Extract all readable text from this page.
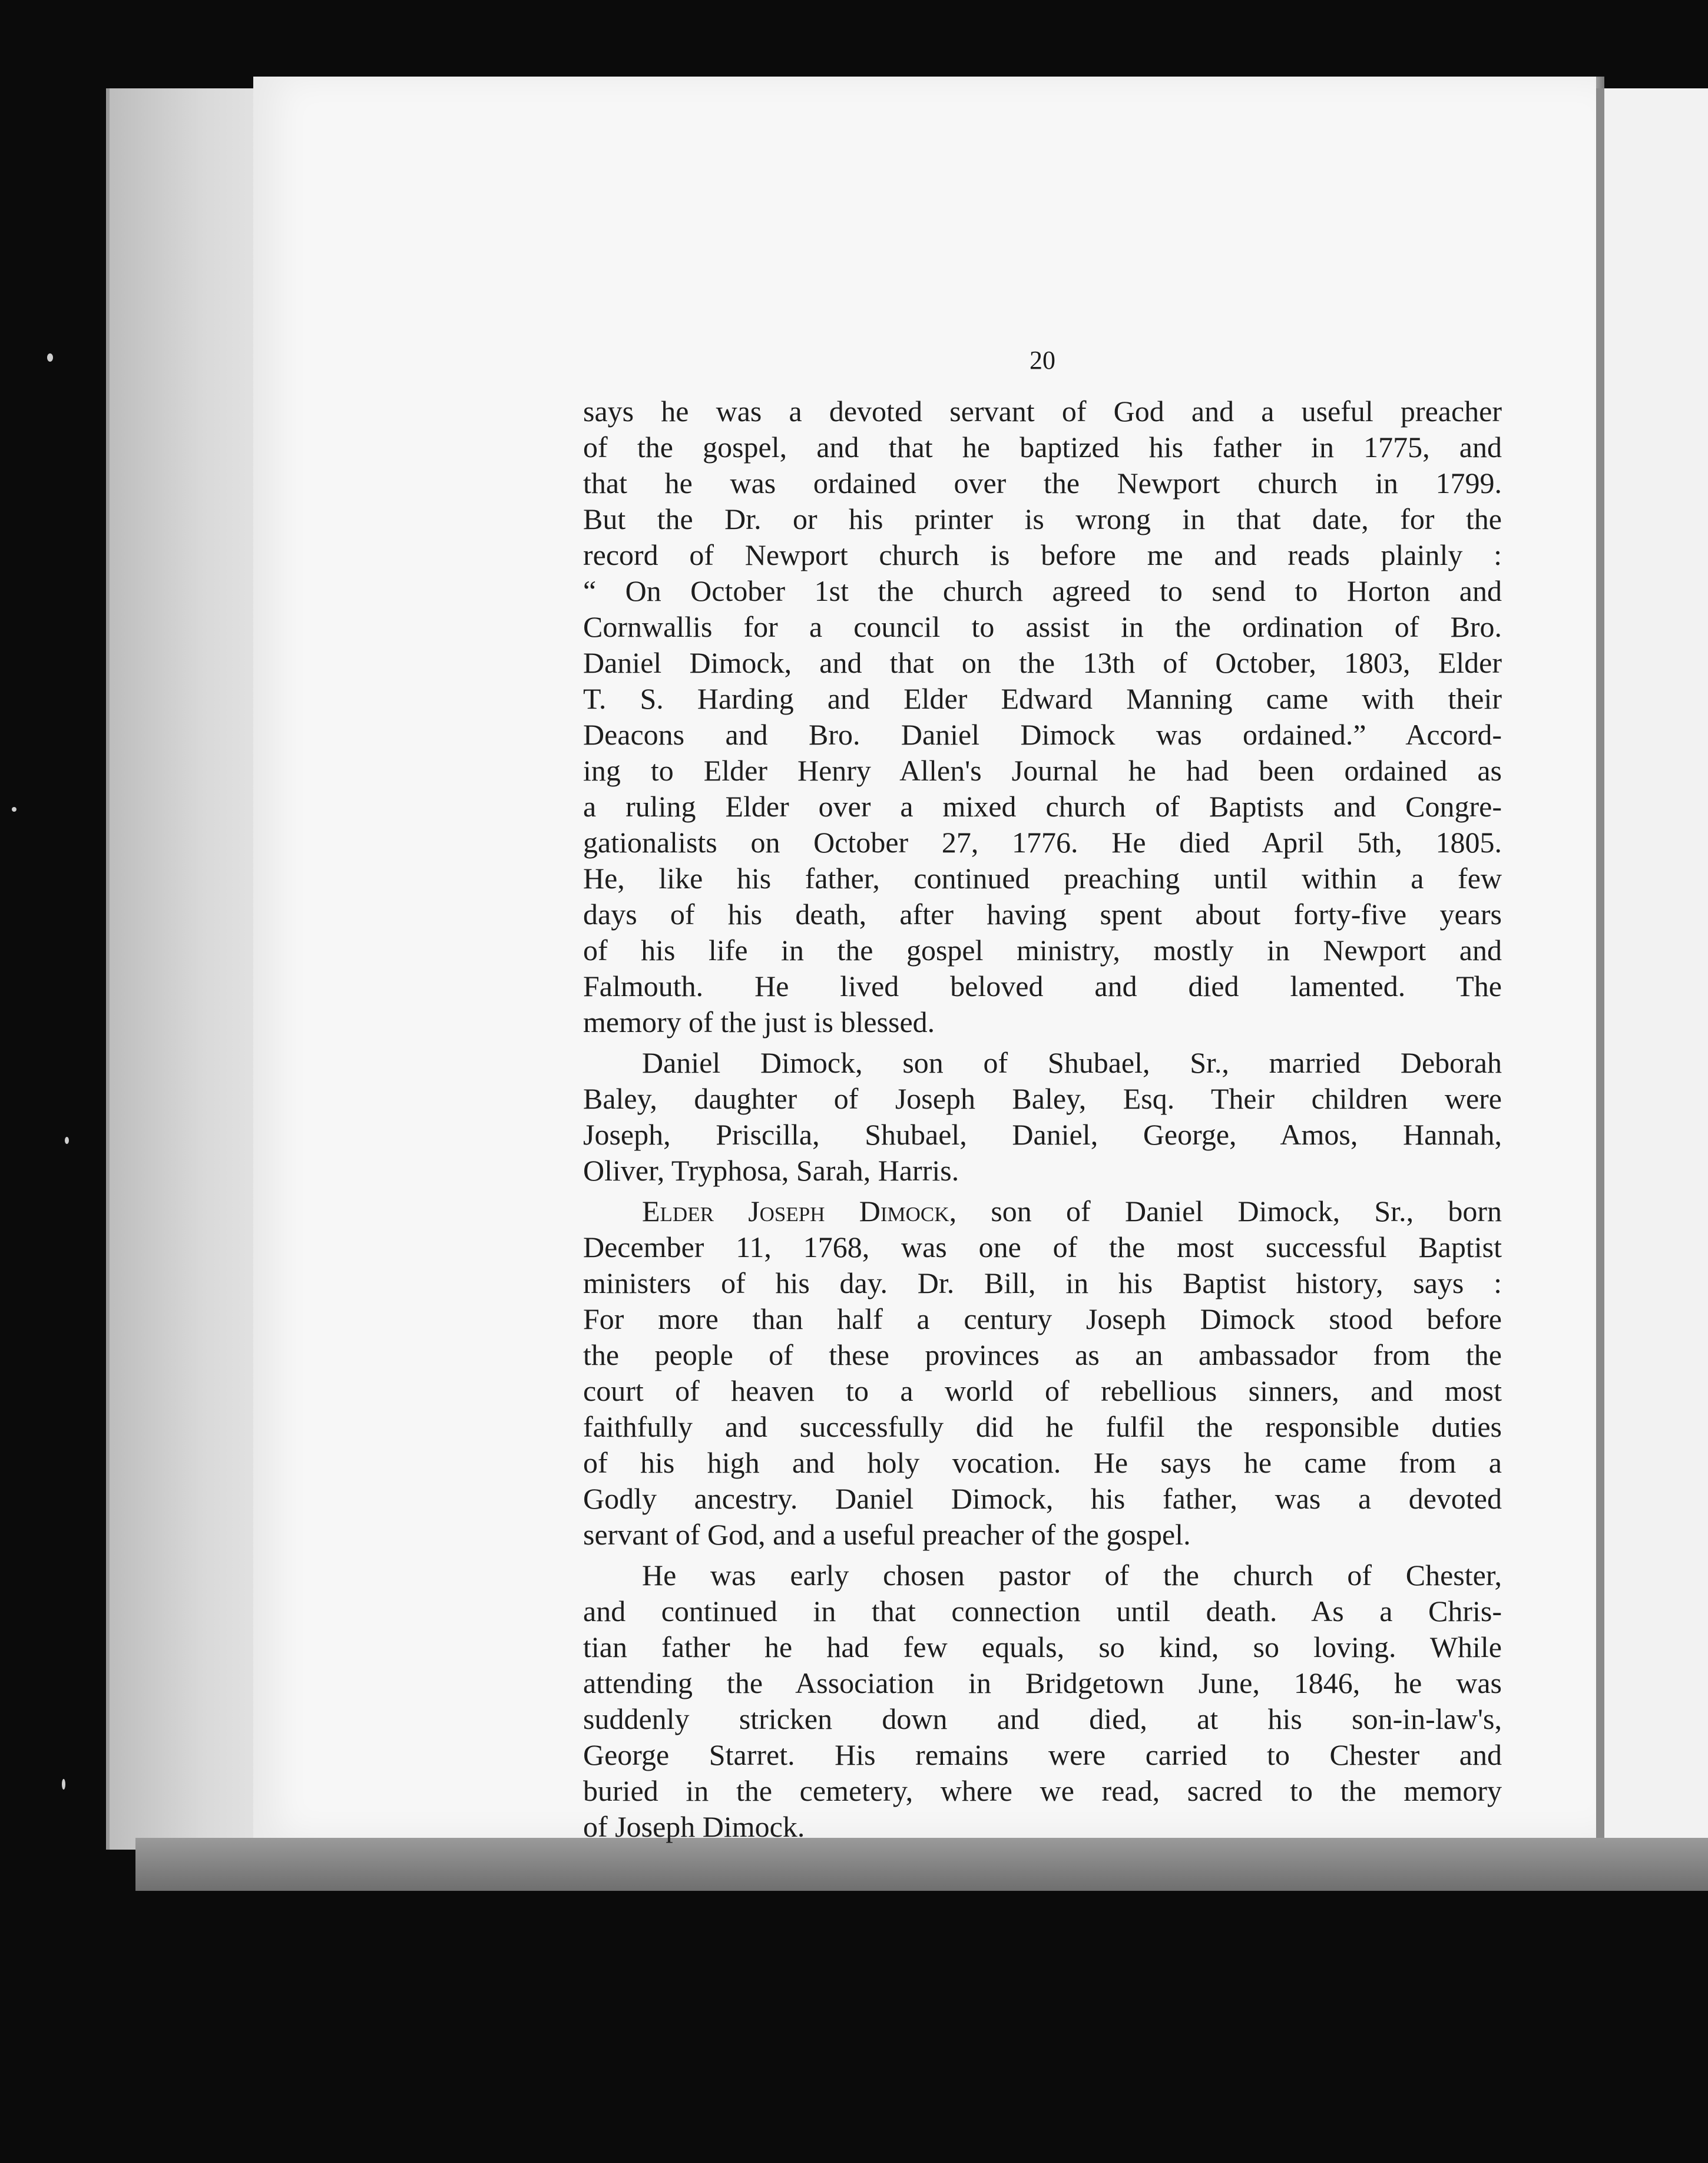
20
says he was a devoted servant of God and a useful preacher
of the gospel, and that he baptized his father in 1775, and
that he was ordained over the Newport church in 1799.
But the Dr. or his printer is wrong in that date, for the
record of Newport church is before me and reads plainly :
“ On October 1st the church agreed to send to Horton and
Cornwallis for a council to assist in the ordination of Bro.
Daniel Dimock, and that on the 13th of October, 1803, Elder
T. S. Harding and Elder Edward Manning came with their
Deacons and Bro. Daniel Dimock was ordained.” Accord-
ing to Elder Henry Allen's Journal he had been ordained as
a ruling Elder over a mixed church of Baptists and Congre-
gationalists on October 27, 1776. He died April 5th, 1805.
He, like his father, continued preaching until within a few
days of his death, after having spent about forty-five years
of his life in the gospel ministry, mostly in Newport and
Falmouth. He lived beloved and died lamented. The
memory of the just is blessed.
Daniel Dimock, son of Shubael, Sr., married Deborah
Baley, daughter of Joseph Baley, Esq. Their children were
Joseph, Priscilla, Shubael, Daniel, George, Amos, Hannah,
Oliver, Tryphosa, Sarah, Harris.
Elder Joseph Dimock, son of Daniel Dimock, Sr., born
December 11, 1768, was one of the most successful Baptist
ministers of his day. Dr. Bill, in his Baptist history, says :
For more than half a century Joseph Dimock stood before
the people of these provinces as an ambassador from the
court of heaven to a world of rebellious sinners, and most
faithfully and successfully did he fulfil the responsible duties
of his high and holy vocation. He says he came from a
Godly ancestry. Daniel Dimock, his father, was a devoted
servant of God, and a useful preacher of the gospel.
He was early chosen pastor of the church of Chester,
and continued in that connection until death. As a Chris-
tian father he had few equals, so kind, so loving. While
attending the Association in Bridgetown June, 1846, he was
suddenly stricken down and died, at his son-in-law's,
George Starret. His remains were carried to Chester and
buried in the cemetery, where we read, sacred to the memory
of Joseph Dimock.
